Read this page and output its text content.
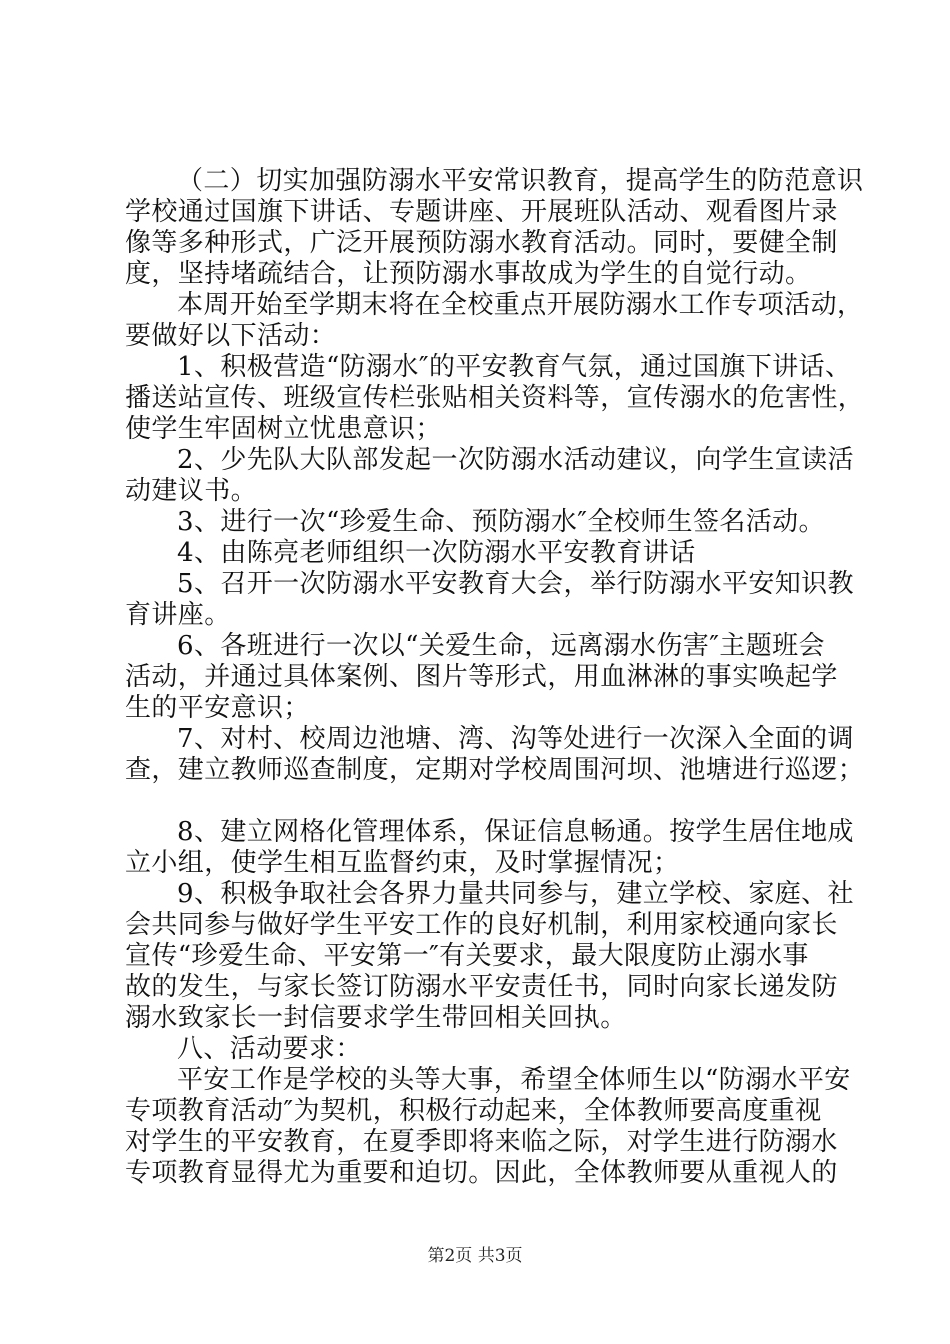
（二）切实加强防溺水平安常识教育，提高学生的防范意识
学校通过国旗下讲话、专题讲座、开展班队活动、观看图片录
像等多种形式，广泛开展预防溺水教育活动。同时，要健全制
度，坚持堵疏结合，让预防溺水事故成为学生的自觉行动。
本周开始至学期末将在全校重点开展防溺水工作专项活动，
要做好以下活动：
1、积极营造“防溺水″的平安教育气氛，通过国旗下讲话、
播送站宣传、班级宣传栏张贴相关资料等，宣传溺水的危害性，
使学生牢固树立忧患意识；
2、少先队大队部发起一次防溺水活动建议，向学生宣读活
动建议书。
3、进行一次“珍爱生命、预防溺水″全校师生签名活动。
4、由陈亮老师组织一次防溺水平安教育讲话
5、召开一次防溺水平安教育大会，举行防溺水平安知识教
育讲座。
6、各班进行一次以“关爱生命，远离溺水伤害″主题班会
活动，并通过具体案例、图片等形式，用血淋淋的事实唤起学
生的平安意识；
7、对村、校周边池塘、湾、沟等处进行一次深入全面的调
查，建立教师巡查制度，定期对学校周围河坝、池塘进行巡逻；
8、建立网格化管理体系，保证信息畅通。按学生居住地成
立小组，使学生相互监督约束，及时掌握情况；
9、积极争取社会各界力量共同参与，建立学校、家庭、社
会共同参与做好学生平安工作的良好机制，利用家校通向家长
宣传“珍爱生命、平安第一″有关要求，最大限度防止溺水事
故的发生，与家长签订防溺水平安责任书，同时向家长递发防
溺水致家长一封信要求学生带回相关回执。
八、活动要求：
平安工作是学校的头等大事，希望全体师生以“防溺水平安
专项教育活动″为契机，积极行动起来，全体教师要高度重视
对学生的平安教育，在夏季即将来临之际，对学生进行防溺水
专项教育显得尤为重要和迫切。因此，全体教师要从重视人的
第2页 共3页
